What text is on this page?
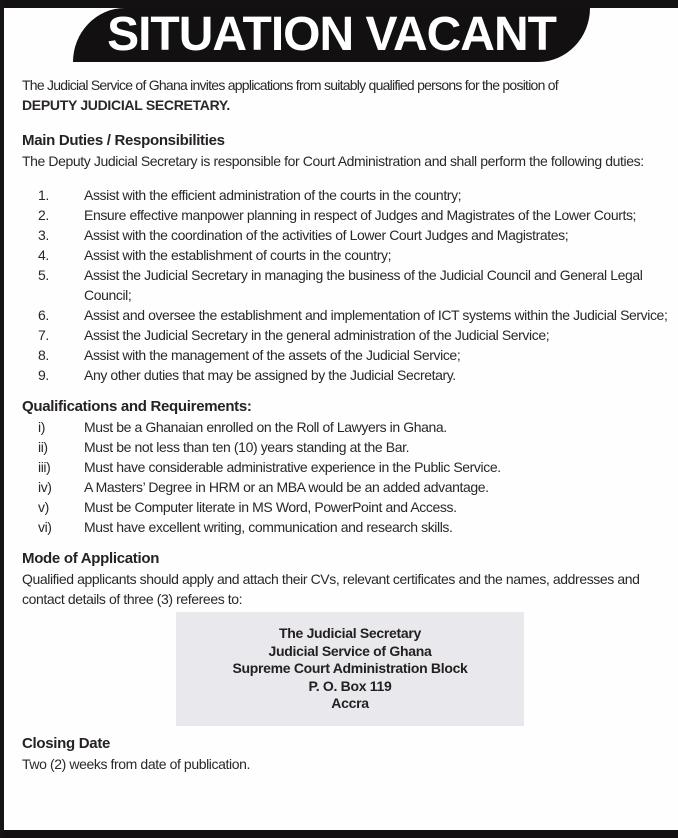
SITUATION VACANT

The Judicial Service of Ghana invites applications from suitably qualified persons for the position of
DEPUTY JUDICIAL SECRETARY.

Main Duties / Responsibilities

The Deputy Judicial Secretary is responsible for Court Administration and shall perform the following duties:

1.	Assist with the efficient administration of the courts in the country;
2.	Ensure effective manpower planning in respect of Judges and Magistrates of the Lower Courts;
3.	Assist with the coordination of the activities of Lower Court Judges and Magistrates;
4.	Assist with the establishment of courts in the country;
5.	Assist the Judicial Secretary in managing the business of the Judicial Council and General Legal Council;
6.	Assist and oversee the establishment and implementation of ICT systems within the Judicial Service;
7.	Assist the Judicial Secretary in the general administration of the Judicial Service;
8.	Assist with the management of the assets of the Judicial Service;
9.	Any other duties that may be assigned by the Judicial Secretary.
Qualifications and Requirements:
i)	Must be a Ghanaian enrolled on the Roll of Lawyers in Ghana.
ii)	Must be not less than ten (10) years standing at the Bar.
iii)	Must have considerable administrative experience in the Public Service.
iv)	A Masters’ Degree in HRM or an MBA would be an added advantage.
v)	Must be Computer literate in MS Word, PowerPoint and Access.
vi)	Must have excellent writing, communication and research skills.
Mode of Application

Qualified applicants should apply and attach their CVs, relevant certificates and the names, addresses and contact details of three (3) referees to:

The Judicial Secretary
Judicial Service of Ghana
Supreme Court Administration Block
P. O. Box 119
Accra
Closing Date

Two (2) weeks from date of publication.
